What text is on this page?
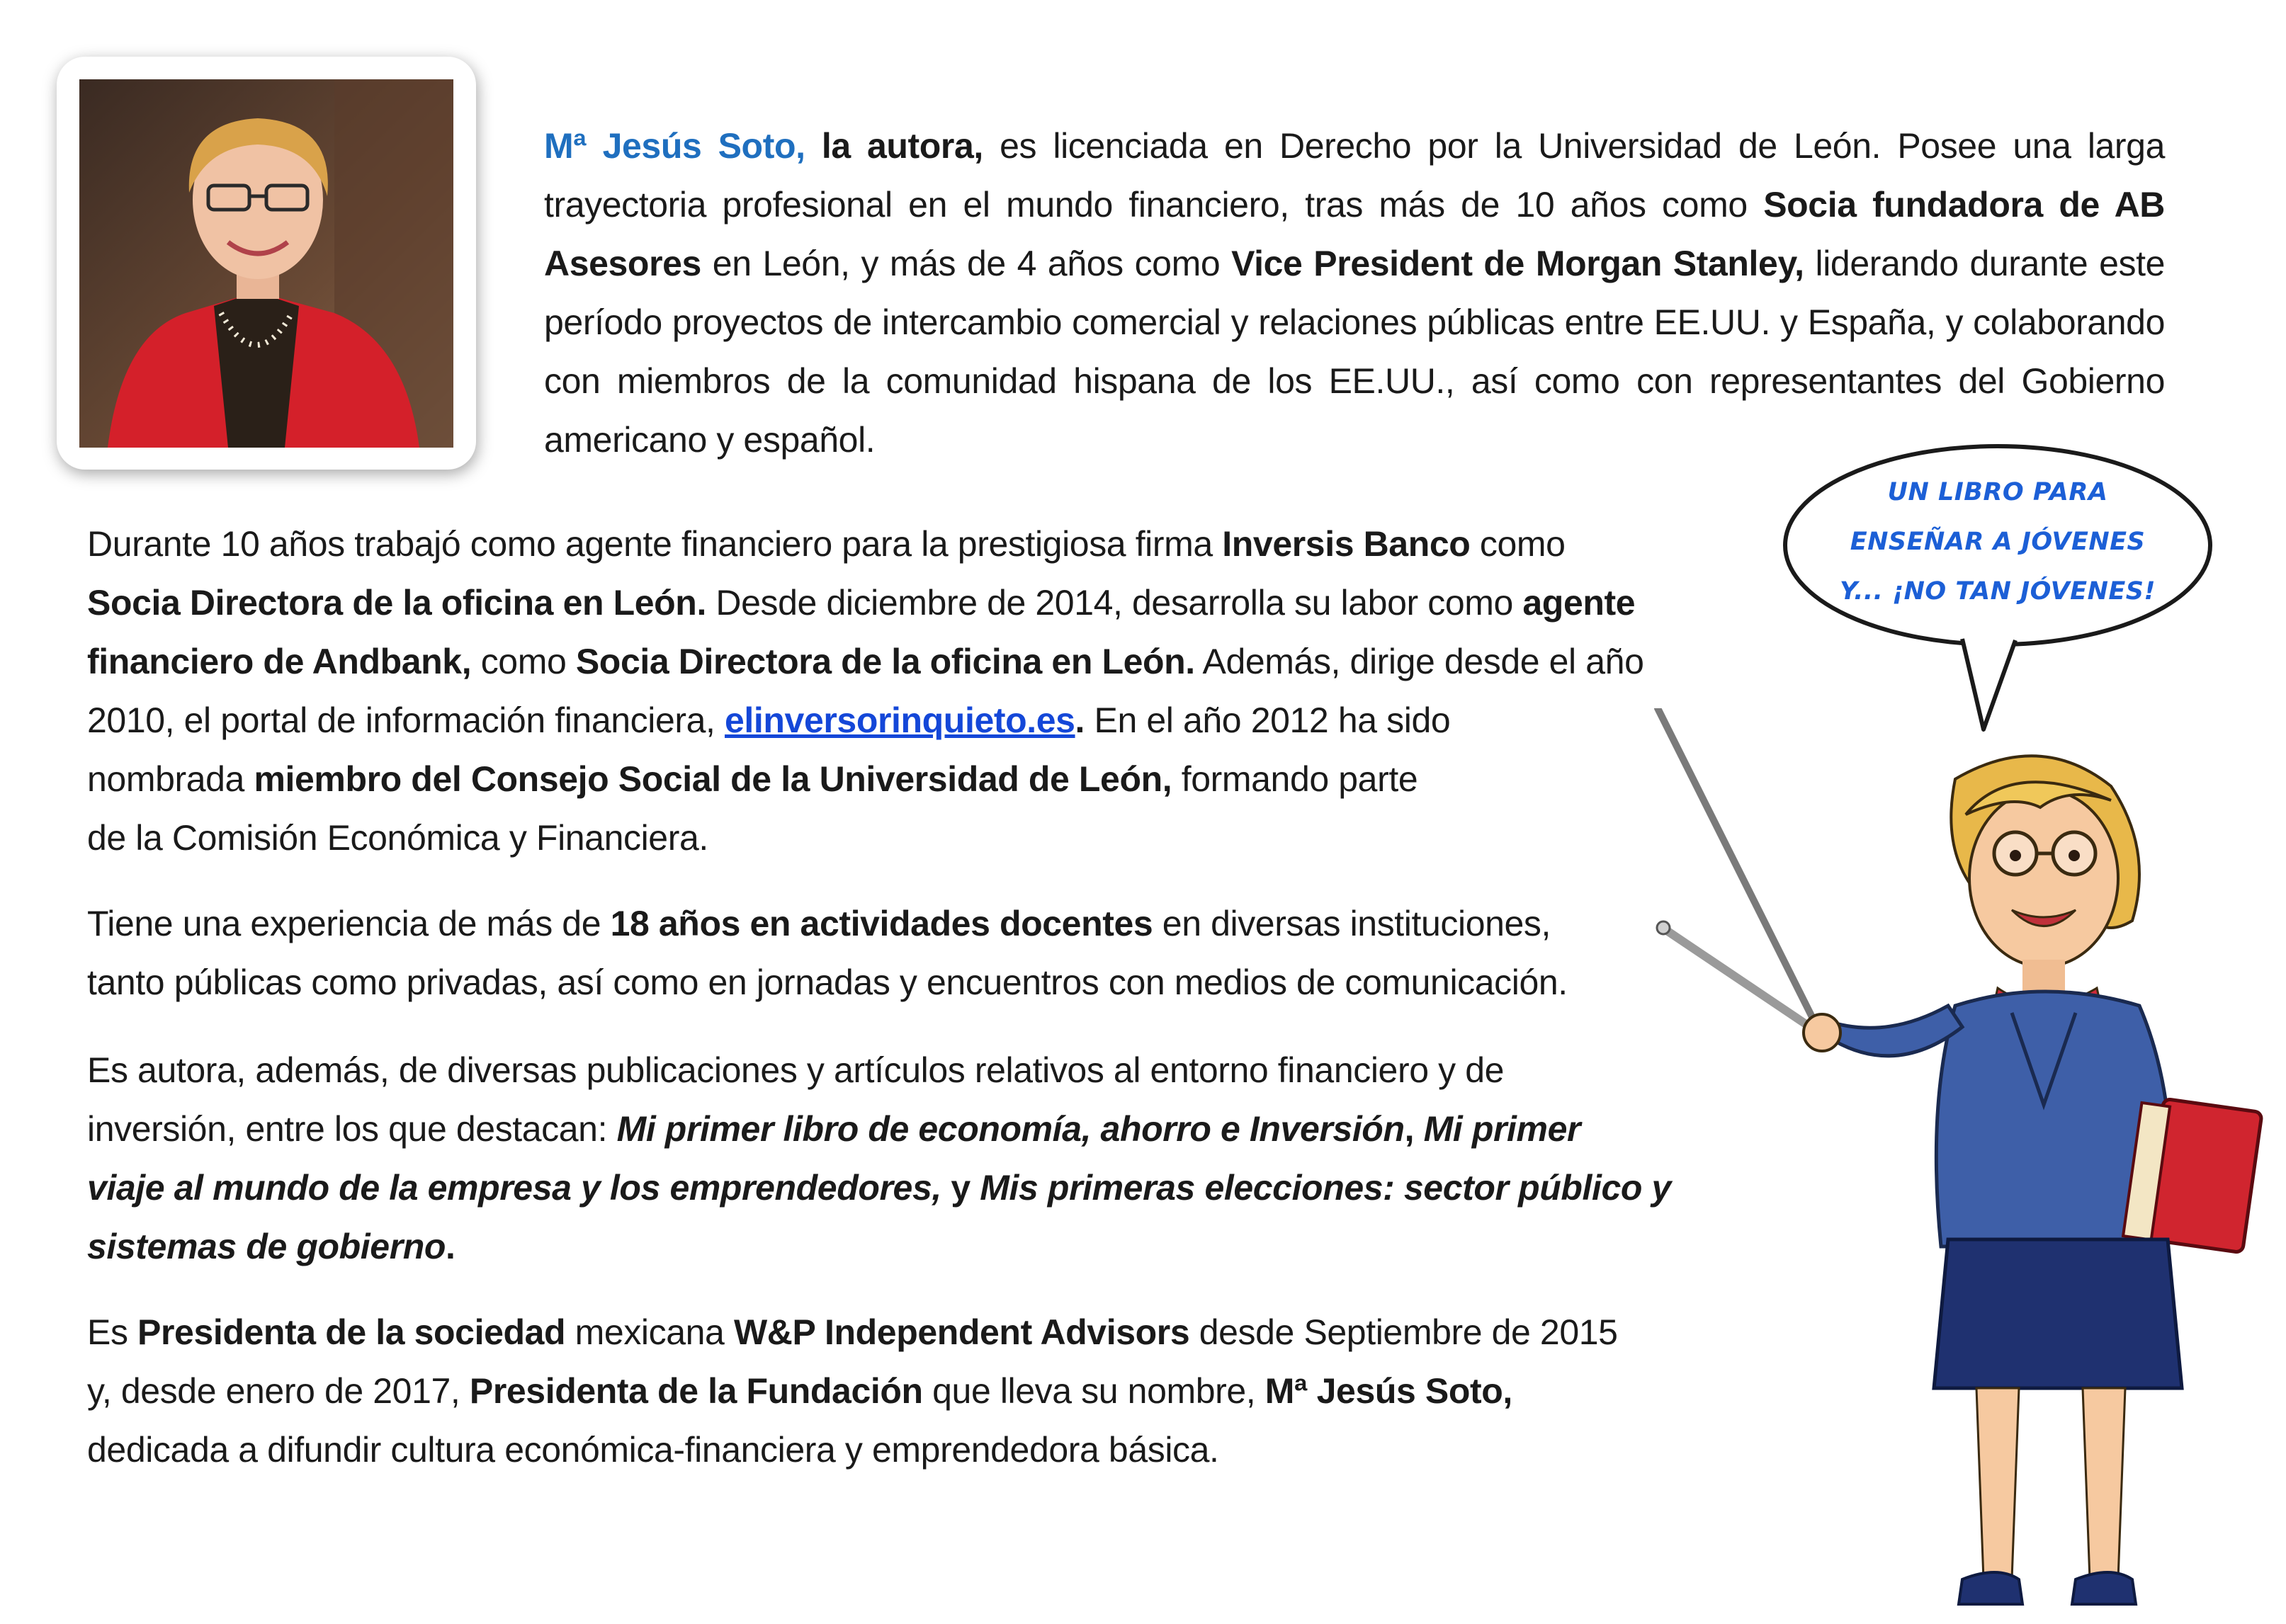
Mª Jesús Soto, la autora, es licenciada en Derecho por la Universidad de León. Posee una larga trayectoria profesional en el mundo financiero, tras más de 10 años como Socia fundadora de AB Asesores en León, y más de 4 años como Vice President de Morgan Stanley, liderando durante este período proyectos de intercambio comercial y relaciones públicas entre EE.UU. y España, y colaborando con miembros de la comunidad hispana de los EE.UU., así como con representantes del Gobierno americano y español.

Durante 10 años trabajó como agente financiero para la prestigiosa firma Inversis Banco como
Socia Directora de la oficina en León. Desde diciembre de 2014, desarrolla su labor como agente
financiero de Andbank, como Socia Directora de la oficina en León. Además, dirige desde el año
2010, el portal de información financiera, elinversorinquieto.es. En el año 2012 ha sido
nombrada miembro del Consejo Social de la Universidad de León, formando parte
de la Comisión Económica y Financiera.

Tiene una experiencia de más de 18 años en actividades docentes en diversas instituciones,
tanto públicas como privadas, así como en jornadas y encuentros con medios de comunicación.

Es autora, además, de diversas publicaciones y artículos relativos al entorno financiero y de
inversión, entre los que destacan: Mi primer libro de economía, ahorro e Inversión, Mi primer
viaje al mundo de la empresa y los emprendedores, y Mis primeras elecciones: sector público y
sistemas de gobierno.

Es Presidenta de la sociedad mexicana W&P Independent Advisors desde Septiembre de 2015
y, desde enero de 2017, Presidenta de la Fundación que lleva su nombre, Mª Jesús Soto,
dedicada a difundir cultura económica-financiera y emprendedora básica.

UN LIBRO PARA
ENSEÑAR A JÓVENES
Y... ¡NO TAN JÓVENES!
